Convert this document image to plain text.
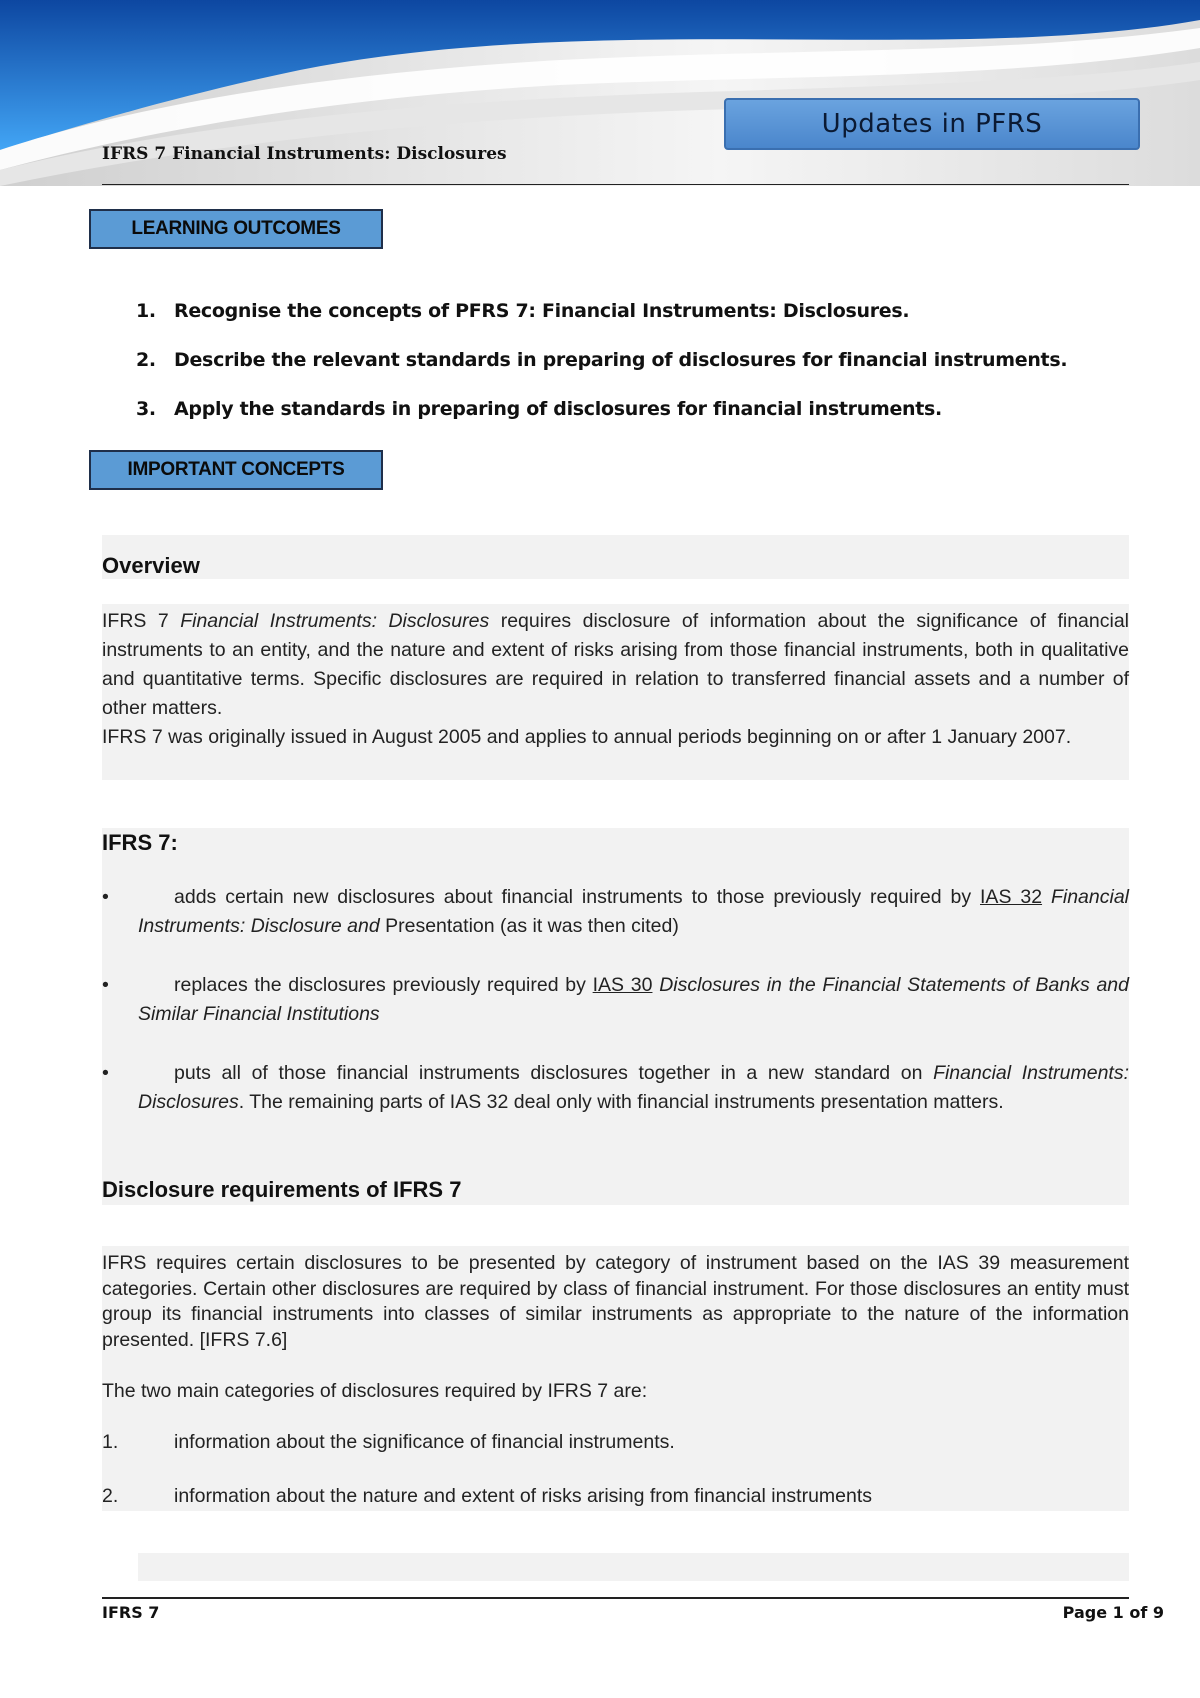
IFRS 7 Financial Instruments: Disclosures
Updates in PFRS
LEARNING OUTCOMES
1. Recognise the concepts of PFRS 7: Financial Instruments: Disclosures.
2. Describe the relevant standards in preparing of disclosures for financial instruments.
3. Apply the standards in preparing of disclosures for financial instruments.
IMPORTANT CONCEPTS
Overview
IFRS 7 Financial Instruments: Disclosures requires disclosure of information about the significance of financial instruments to an entity, and the nature and extent of risks arising from those financial instruments, both in qualitative and quantitative terms. Specific disclosures are required in relation to transferred financial assets and a number of other matters.
IFRS 7 was originally issued in August 2005 and applies to annual periods beginning on or after 1 January 2007.
IFRS 7:
•	adds certain new disclosures about financial instruments to those previously required by IAS 32 Financial Instruments: Disclosure and Presentation (as it was then cited)
•	replaces the disclosures previously required by IAS 30 Disclosures in the Financial Statements of Banks and Similar Financial Institutions
•	puts all of those financial instruments disclosures together in a new standard on Financial Instruments: Disclosures. The remaining parts of IAS 32 deal only with financial instruments presentation matters.
Disclosure requirements of IFRS 7
IFRS requires certain disclosures to be presented by category of instrument based on the IAS 39 measurement categories. Certain other disclosures are required by class of financial instrument. For those disclosures an entity must group its financial instruments into classes of similar instruments as appropriate to the nature of the information presented. [IFRS 7.6]
The two main categories of disclosures required by IFRS 7 are:
1.	information about the significance of financial instruments.
2.	information about the nature and extent of risks arising from financial instruments
IFRS 7	Page 1 of 9
